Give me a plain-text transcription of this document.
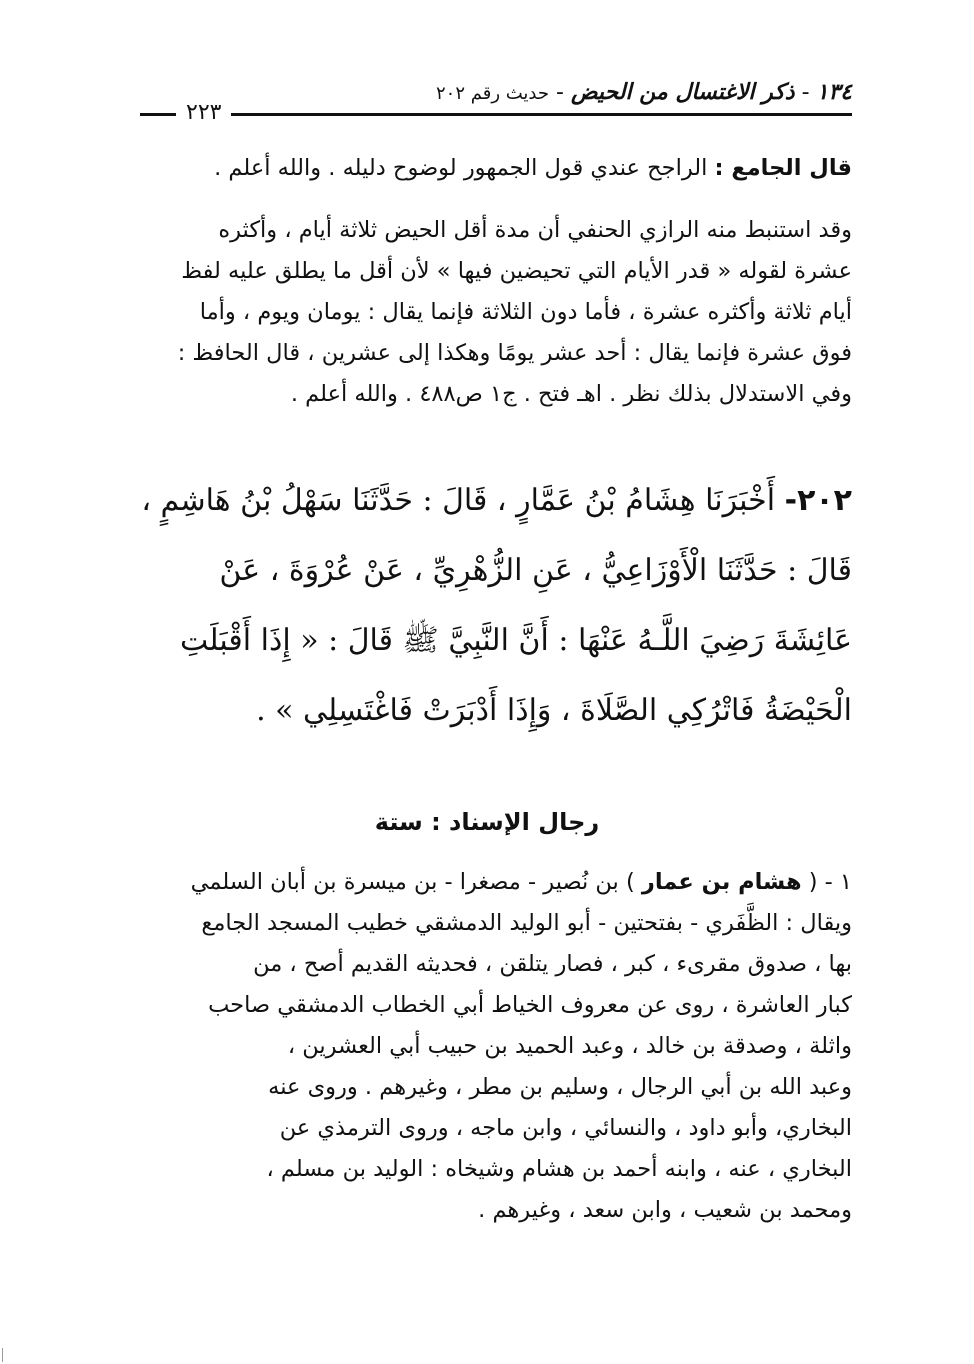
١٣٤ - ذكر الاغتسال من الحيض - حديث رقم ٢٠٢
٢٢٣
قال الجامع : الراجح عندي قول الجمهور لوضوح دليله . والله أعلم .
وقد استنبط منه الرازي الحنفي أن مدة أقل الحيض ثلاثة أيام ، وأكثره
عشرة لقوله « قدر الأيام التي تحيضين فيها » لأن أقل ما يطلق عليه لفظ
أيام ثلاثة وأكثره عشرة ، فأما دون الثلاثة فإنما يقال : يومان ويوم ، وأما
فوق عشرة فإنما يقال : أحد عشر يومًا وهكذا إلى عشرين ، قال الحافظ :
وفي الاستدلال بذلك نظر . اهـ فتح . ج١ ص٤٨٨ . والله أعلم .
٢٠٢- أَخْبَرَنَا هِشَامُ بْنُ عَمَّارٍ ، قَالَ : حَدَّثَنَا سَهْلُ بْنُ هَاشِمٍ ،
قَالَ : حَدَّثَنَا الْأَوْزَاعِيُّ ، عَنِ الزُّهْرِيِّ ، عَنْ عُرْوَةَ ، عَنْ
عَائِشَةَ رَضِيَ اللَّـهُ عَنْهَا : أَنَّ النَّبِيَّ ﷺ قَالَ : « إِذَا أَقْبَلَتِ
الْحَيْضَةُ فَاتْرُكِي الصَّلَاةَ ، وَإِذَا أَدْبَرَتْ فَاغْتَسِلِي » .
رجال الإسناد : ستة
١ - ( هشام بن عمار ) بن نُصير - مصغرا - بن ميسرة بن أبان السلمي
ويقال : الظَّفَري - بفتحتين - أبو الوليد الدمشقي خطيب المسجد الجامع
بها ، صدوق مقرىء ، كبر ، فصار يتلقن ، فحديثه القديم أصح ، من
كبار العاشرة ، روى عن معروف الخياط أبي الخطاب الدمشقي صاحب
واثلة ، وصدقة بن خالد ، وعبد الحميد بن حبيب أبي العشرين ،
وعبد الله بن أبي الرجال ، وسليم بن مطر ، وغيرهم . وروى عنه
البخاري، وأبو داود ، والنسائي ، وابن ماجه ، وروى الترمذي عن
البخاري ، عنه ، وابنه أحمد بن هشام وشيخاه : الوليد بن مسلم ،
ومحمد بن شعيب ، وابن سعد ، وغيرهم .
